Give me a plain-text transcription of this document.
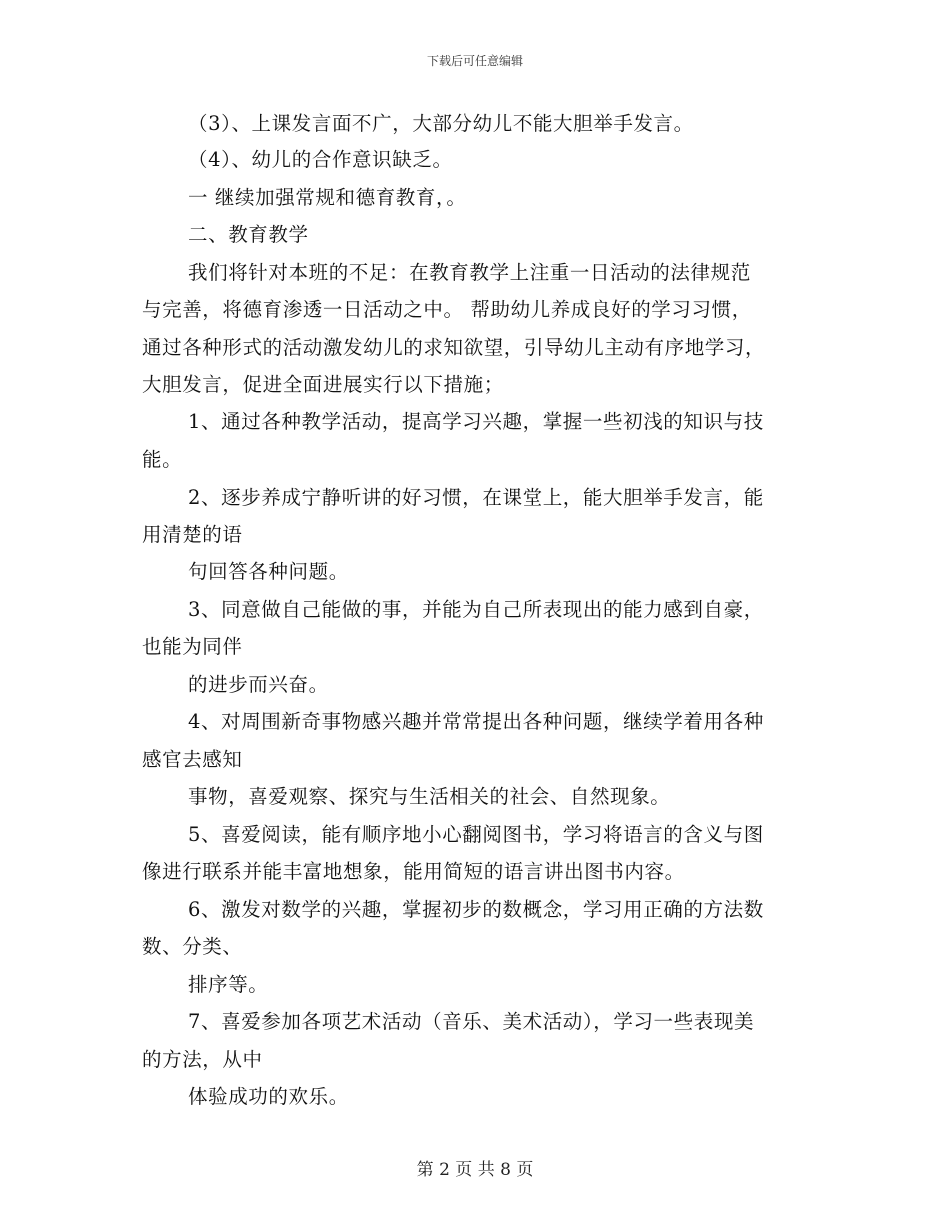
下载后可任意编辑
（3）、上课发言面不广，大部分幼儿不能大胆举手发言。
（4）、幼儿的合作意识缺乏。
一 继续加强常规和德育教育，。
二、教育教学
我们将针对本班的不足：在教育教学上注重一日活动的法律规范
与完善，将德育渗透一日活动之中。 帮助幼儿养成良好的学习习惯，
通过各种形式的活动激发幼儿的求知欲望，引导幼儿主动有序地学习，
大胆发言，促进全面进展实行以下措施；
1、通过各种教学活动，提高学习兴趣，掌握一些初浅的知识与技
能。
2、逐步养成宁静听讲的好习惯，在课堂上，能大胆举手发言，能
用清楚的语
句回答各种问题。
3、同意做自己能做的事，并能为自己所表现出的能力感到自豪，
也能为同伴
的进步而兴奋。
4、对周围新奇事物感兴趣并常常提出各种问题，继续学着用各种
感官去感知
事物，喜爱观察、探究与生活相关的社会、自然现象。
5、喜爱阅读，能有顺序地小心翻阅图书，学习将语言的含义与图
像进行联系并能丰富地想象，能用简短的语言讲出图书内容。
6、激发对数学的兴趣，掌握初步的数概念，学习用正确的方法数
数、分类、
排序等。
7、喜爱参加各项艺术活动（音乐、美术活动），学习一些表现美
的方法，从中
体验成功的欢乐。
第 2 页 共 8 页
